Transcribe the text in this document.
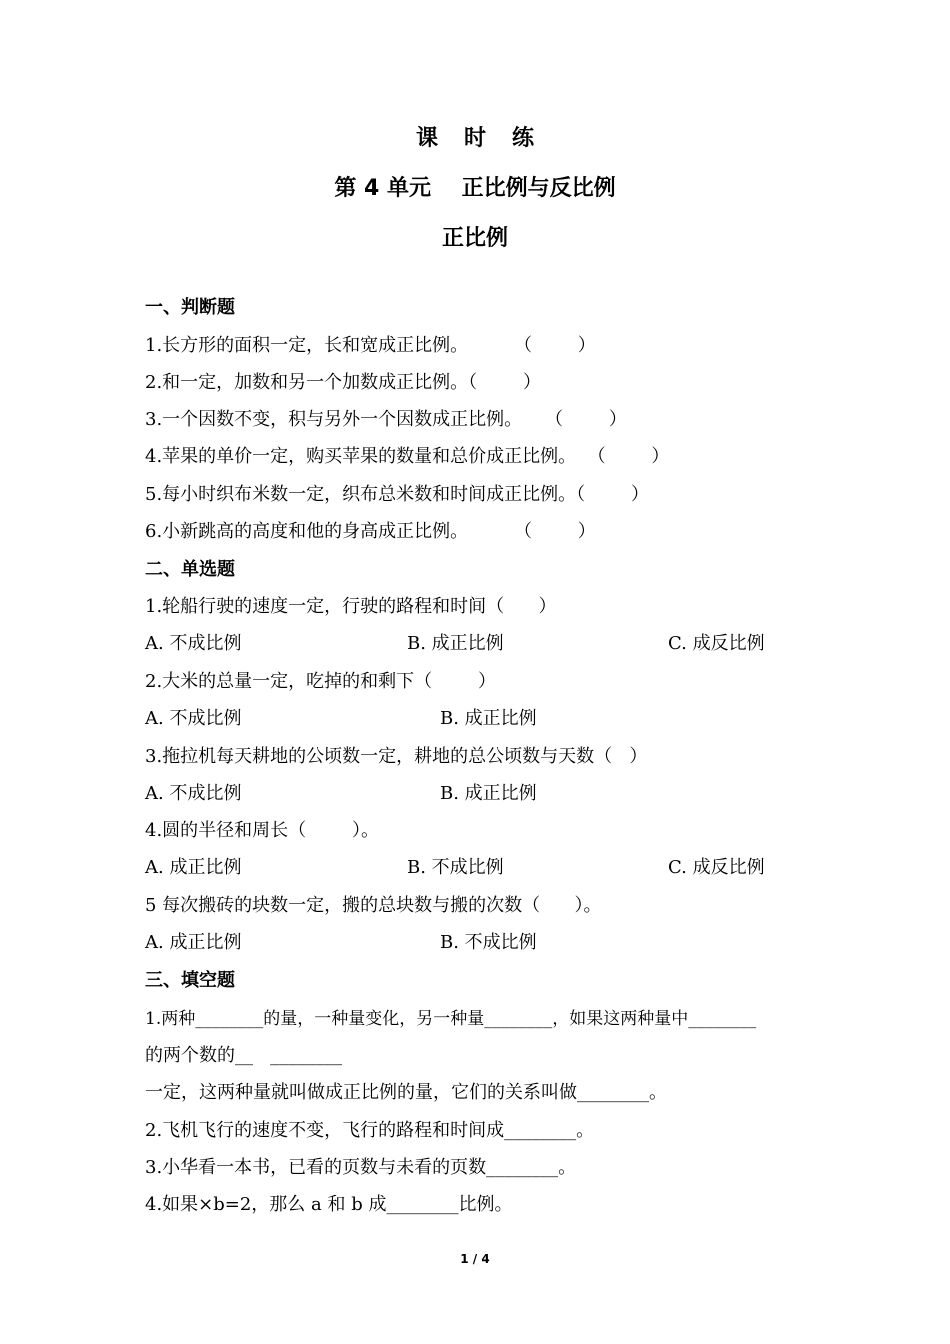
课时练
第 4 单元    正比例与反比例
正比例
一、判断题
1.长方形的面积一定，长和宽成正比例。        （        ）
2.和一定，加数和另一个加数成正比例。（        ）
3.一个因数不变，积与另外一个因数成正比例。    （        ）
4.苹果的单价一定，购买苹果的数量和总价成正比例。  （        ）
5.每小时织布米数一定，织布总米数和时间成正比例。（        ）
6.小新跳高的高度和他的身高成正比例。        （        ）
二、单选题
1.轮船行驶的速度一定，行驶的路程和时间（      ）
A. 不成比例	B. 成正比例	C. 成反比例
2.大米的总量一定，吃掉的和剩下（        ）
A. 不成比例	B. 成正比例
3.拖拉机每天耕地的公顷数一定，耕地的总公顷数与天数（   ）
A. 不成比例	B. 成正比例
4.圆的半径和周长（        ）。
A. 成正比例	B. 不成比例	C. 成反比例
5 每次搬砖的块数一定，搬的总块数与搬的次数（      ）。
A. 成正比例	B. 不成比例
三、填空题
1.两种________的量，一种量变化，另一种量________，如果这两种量中________
的两个数的__   ________
一定，这两种量就叫做成正比例的量，它们的关系叫做________。
2.飞机飞行的速度不变，飞行的路程和时间成________。
3.小华看一本书，已看的页数与未看的页数________。
4.如果×b=2，那么 a 和 b 成________比例。
1 / 4
